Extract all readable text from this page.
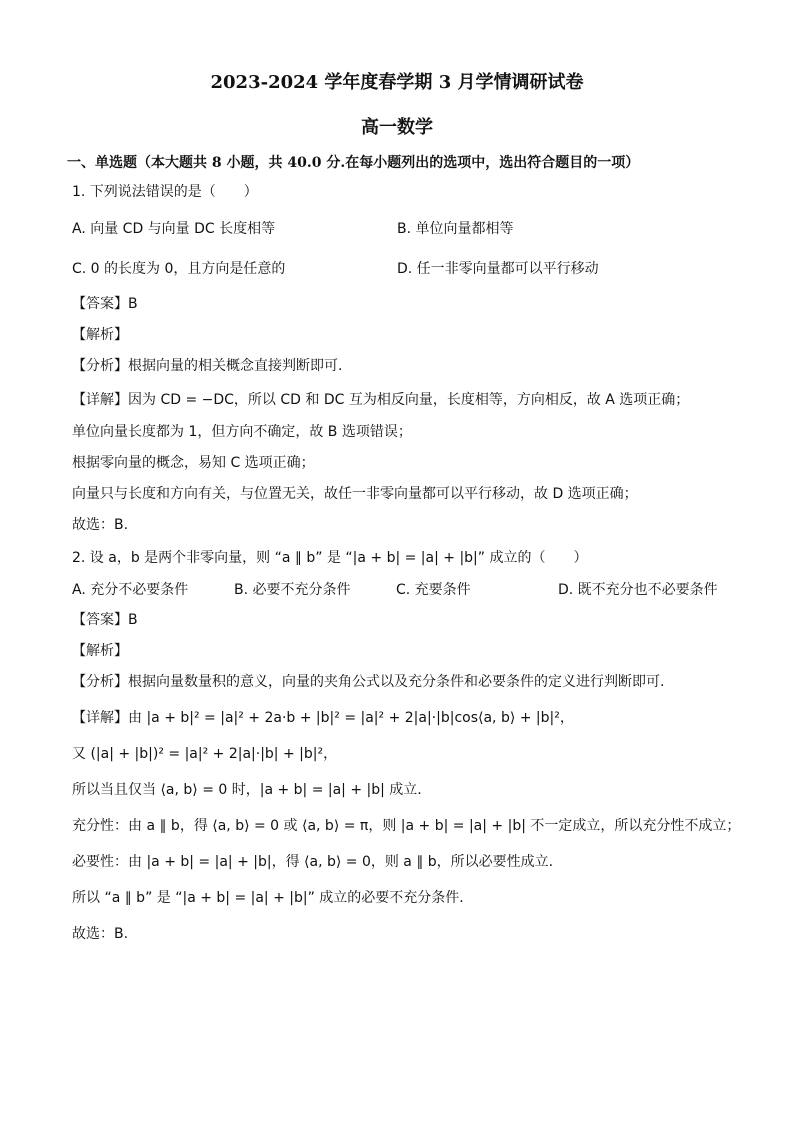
2023-2024 学年度春学期 3 月学情调研试卷
高一数学
一、单选题（本大题共 8 小题，共 40.0 分.在每小题列出的选项中，选出符合题目的一项）
1. 下列说法错误的是（　　）
A. 向量 CD 与向量 DC 长度相等	B. 单位向量都相等
C. 0 的长度为 0，且方向是任意的	D. 任一非零向量都可以平行移动
【答案】B
【解析】
【分析】根据向量的相关概念直接判断即可.
【详解】因为 CD = −DC，所以 CD 和 DC 互为相反向量，长度相等，方向相反，故 A 选项正确；
单位向量长度都为 1，但方向不确定，故 B 选项错误；
根据零向量的概念，易知 C 选项正确；
向量只与长度和方向有关，与位置无关，故任一非零向量都可以平行移动，故 D 选项正确；
故选：B.
2. 设 a，b 是两个非零向量，则 “a ∥ b” 是 “|a + b| = |a| + |b|” 成立的（　　）
A. 充分不必要条件	B. 必要不充分条件	C. 充要条件	D. 既不充分也不必要条件
【答案】B
【解析】
【分析】根据向量数量积的意义，向量的夹角公式以及充分条件和必要条件的定义进行判断即可.
【详解】由 |a + b|² = |a|² + 2a·b + |b|² = |a|² + 2|a|·|b|cos⟨a, b⟩ + |b|²，
又 (|a| + |b|)² = |a|² + 2|a|·|b| + |b|²，
所以当且仅当 ⟨a, b⟩ = 0 时，|a + b| = |a| + |b| 成立.
充分性：由 a ∥ b，得 ⟨a, b⟩ = 0 或 ⟨a, b⟩ = π，则 |a + b| = |a| + |b| 不一定成立，所以充分性不成立；
必要性：由 |a + b| = |a| + |b|，得 ⟨a, b⟩ = 0，则 a ∥ b，所以必要性成立.
所以 “a ∥ b” 是 “|a + b| = |a| + |b|” 成立的必要不充分条件.
故选：B.
